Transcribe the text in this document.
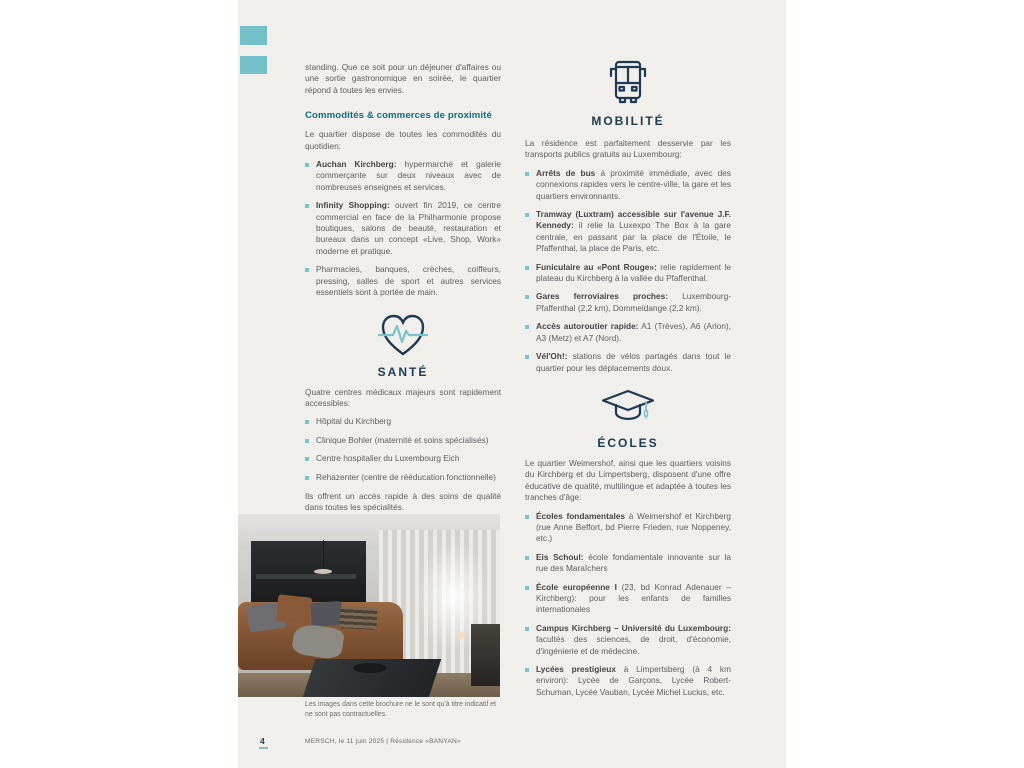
standing. Que ce soit pour un déjeuner d'affaires ou une sortie gastronomique en soirée, le quartier répond à toutes les envies.

Commodités & commerces de proximité

Le quartier dispose de toutes les commodités du quotidien:

Auchan Kirchberg: hypermarché et galerie commerçante sur deux niveaux avec de nombreuses enseignes et services.
Infinity Shopping: ouvert fin 2019, ce centre commercial en face de la Philharmonie propose boutiques, salons de beauté, restauration et bureaux dans un concept «Live, Shop, Work» moderne et pratique.
Pharmacies, banques, crèches, coiffeurs, pressing, salles de sport et autres services essentiels sont à portée de main.
SANTÉ

Quatre centres médicaux majeurs sont rapidement accessibles:

Hôpital du Kirchberg
Clinique Bohler (maternité et soins spécialisés)
Centre hospitalier du Luxembourg Eich
Rehazenter (centre de rééducation fonctionnelle)

Ils offrent un accès rapide à des soins de qualité dans toutes les spécialités.

Les images dans cette brochure ne le sont qu'à titre indicatif et ne sont pas contractuelles.

MOBILITÉ

La résidence est parfaitement desservie par les transports publics gratuits au Luxembourg:

Arrêts de bus à proximité immédiate, avec des connexions rapides vers le centre-ville, la gare et les quartiers environnants.
Tramway (Luxtram) accessible sur l'avenue J.F. Kennedy: il relie la Luxexpo The Box à la gare centrale, en passant par la place de l'Étoile, le Pfaffenthal, la place de Paris, etc.
Funiculaire au «Pont Rouge»: relie rapidement le plateau du Kirchberg à la vallée du Pfaffenthal.
Gares ferroviaires proches: Luxembourg-Pfaffenthal (2,2 km), Dommeldange (2,2 km).
Accès autoroutier rapide: A1 (Trèves), A6 (Arlon), A3 (Metz) et A7 (Nord).
Vél'Oh!: stations de vélos partagés dans tout le quartier pour les déplacements doux.
ÉCOLES

Le quartier Weimershof, ainsi que les quartiers voisins du Kirchberg et du Limpertsberg, disposent d'une offre éducative de qualité, multilingue et adaptée à toutes les tranches d'âge:

Écoles fondamentales à Weimershof et Kirchberg (rue Anne Beffort, bd Pierre Frieden, rue Noppeney, etc.)
Eis Schoul: école fondamentale innovante sur la rue des Maraîchers
École européenne I (23, bd Konrad Adenauer – Kirchberg): pour les enfants de familles internationales
Campus Kirchberg – Université du Luxembourg: facultés des sciences, de droit, d'économie, d'ingénierie et de médecine.
Lycées prestigieux à Limpertsberg (à 4 km environ): Lycée de Garçons, Lycée Robert-Schuman, Lycée Vauban, Lycée Michel Lucius, etc.
4	MERSCH, le 11 juin 2025 | Résidence «BANYAN»
